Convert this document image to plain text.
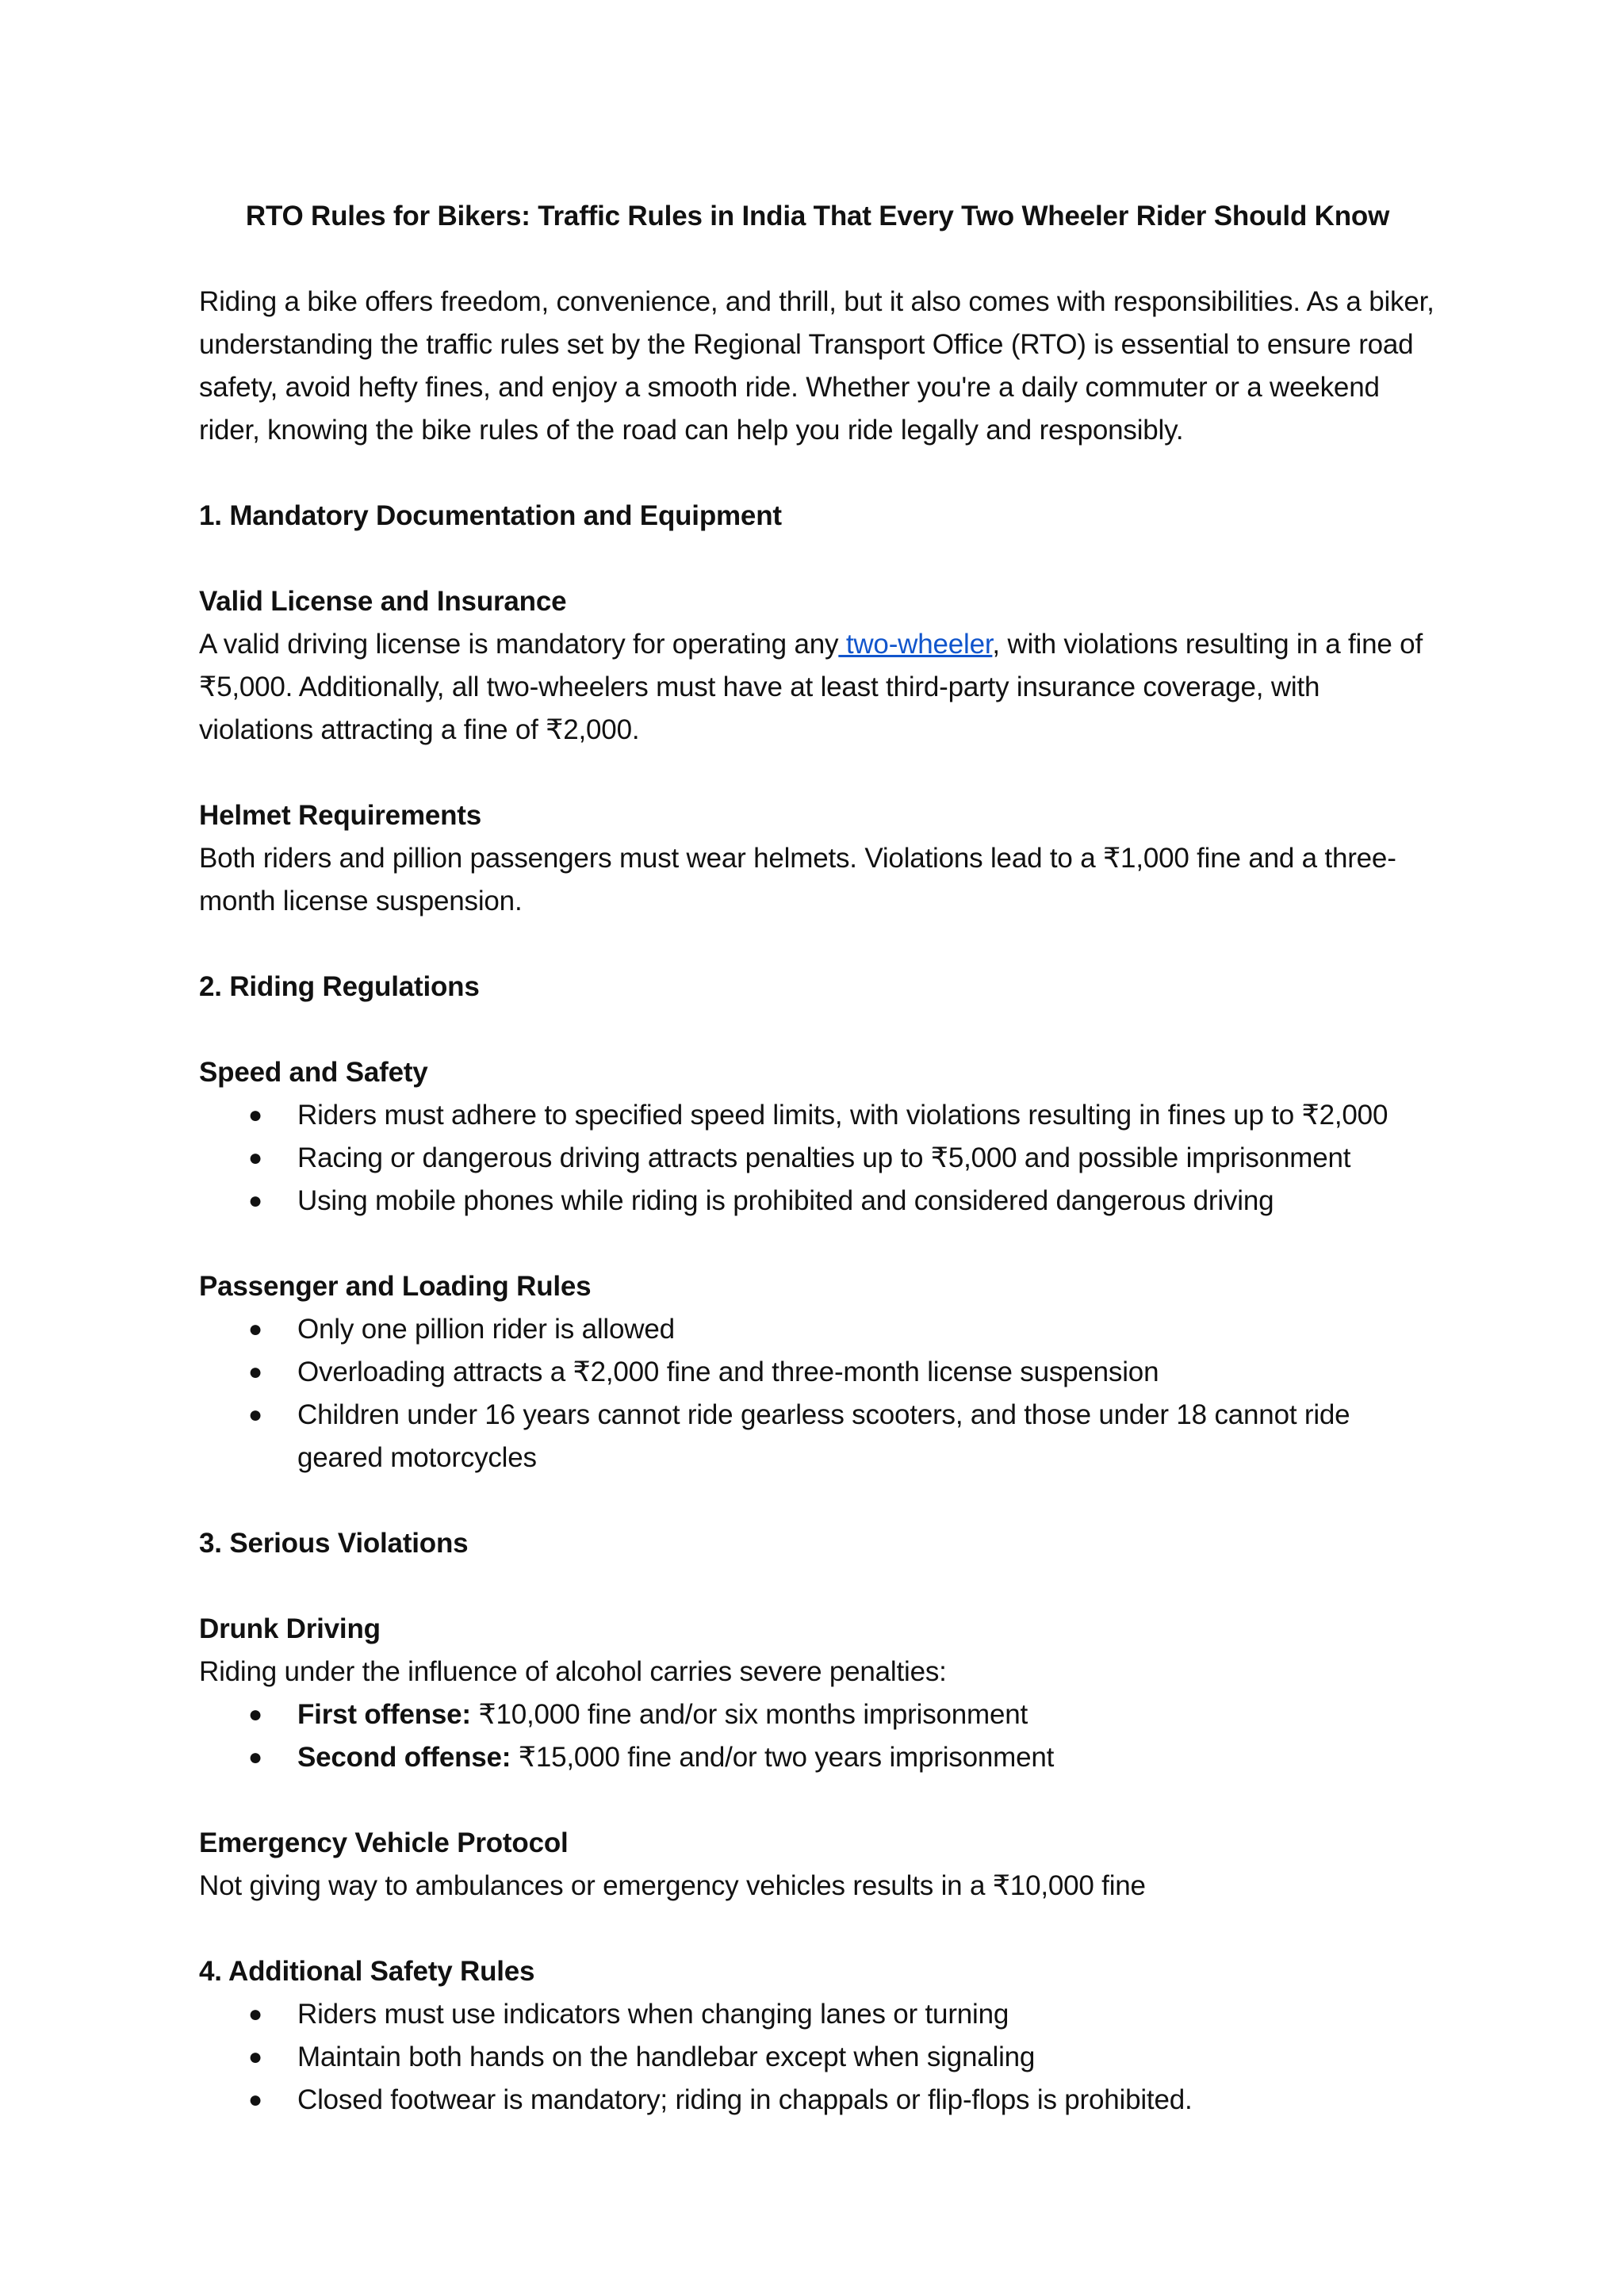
RTO Rules for Bikers: Traffic Rules in India That Every Two Wheeler Rider Should Know

Riding a bike offers freedom, convenience, and thrill, but it also comes with responsibilities. As a biker, understanding the traffic rules set by the Regional Transport Office (RTO) is essential to ensure road safety, avoid hefty fines, and enjoy a smooth ride. Whether you're a daily commuter or a weekend rider, knowing the bike rules of the road can help you ride legally and responsibly.

1. Mandatory Documentation and Equipment
Valid License and Insurance
A valid driving license is mandatory for operating any two-wheeler, with violations resulting in a fine of ₹5,000. Additionally, all two-wheelers must have at least third-party insurance coverage, with violations attracting a fine of ₹2,000.
Helmet Requirements
Both riders and pillion passengers must wear helmets. Violations lead to a ₹1,000 fine and a three-month license suspension.
2. Riding Regulations
Speed and Safety
● Riders must adhere to specified speed limits, with violations resulting in fines up to ₹2,000
● Racing or dangerous driving attracts penalties up to ₹5,000 and possible imprisonment
● Using mobile phones while riding is prohibited and considered dangerous driving
Passenger and Loading Rules
● Only one pillion rider is allowed
● Overloading attracts a ₹2,000 fine and three-month license suspension
● Children under 16 years cannot ride gearless scooters, and those under 18 cannot ride geared motorcycles
3. Serious Violations
Drunk Driving
Riding under the influence of alcohol carries severe penalties:
● First offense: ₹10,000 fine and/or six months imprisonment
● Second offense: ₹15,000 fine and/or two years imprisonment
Emergency Vehicle Protocol
Not giving way to ambulances or emergency vehicles results in a ₹10,000 fine
4. Additional Safety Rules
● Riders must use indicators when changing lanes or turning
● Maintain both hands on the handlebar except when signaling
● Closed footwear is mandatory; riding in chappals or flip-flops is prohibited.
